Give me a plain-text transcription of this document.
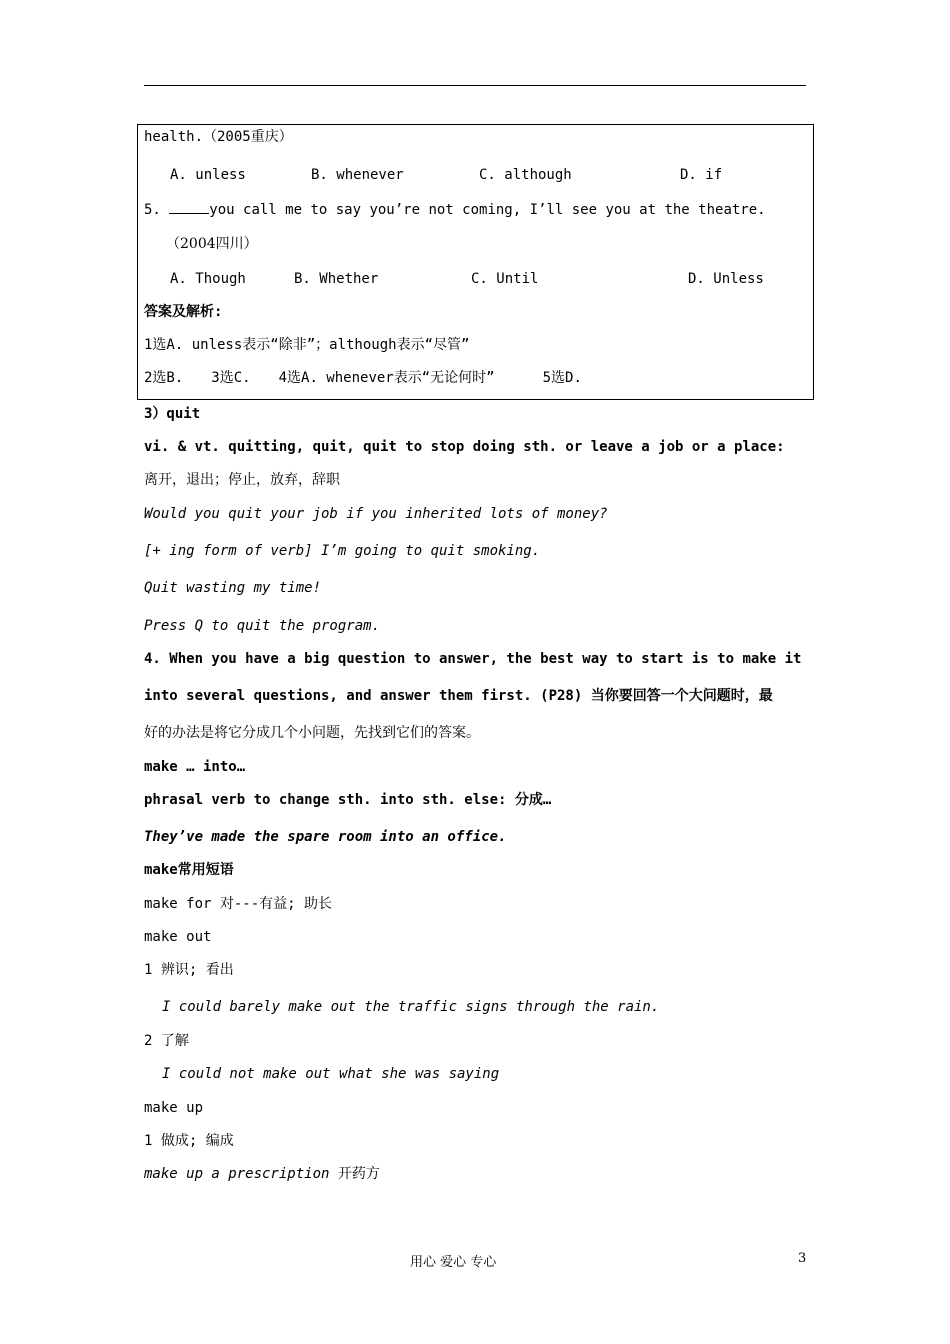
health.（2005重庆）
A. unless	B. whenever	C. although	D. if
5.	you call me to say you’re not coming, I’ll see you at the theatre.
（2004四川）
A. Though	B. Whether	C. Until	D. Unless
答案及解析:
1选A. unless表示“除非”；although表示“尽管”
2选B. 3选C. 4选A. whenever表示“无论何时”	5选D.
3）quit
vi. & vt. quitting, quit, quit to stop doing sth. or leave a job or a place:
离开，退出；停止，放弃，辞职
Would you quit your job if you inherited lots of money?
[+ ing form of verb] I’m going to quit smoking.
Quit wasting my time!
Press Q to quit the program.
4. When you have a big question to answer, the best way to start is to make it
into several questions, and answer them first. (P28) 当你要回答一个大问题时，最
好的办法是将它分成几个小问题，先找到它们的答案。
make … into…
phrasal verb to change sth. into sth. else: 分成…
They’ve made the spare room into an office.
make常用短语
make for 对---有益; 助长
make out
1 辨识; 看出
I could barely make out the traffic signs through the rain.
2 了解
I could not make out what she was saying
make up
1 做成; 编成
make up a prescription 开药方
用心 爱心 专心	3
